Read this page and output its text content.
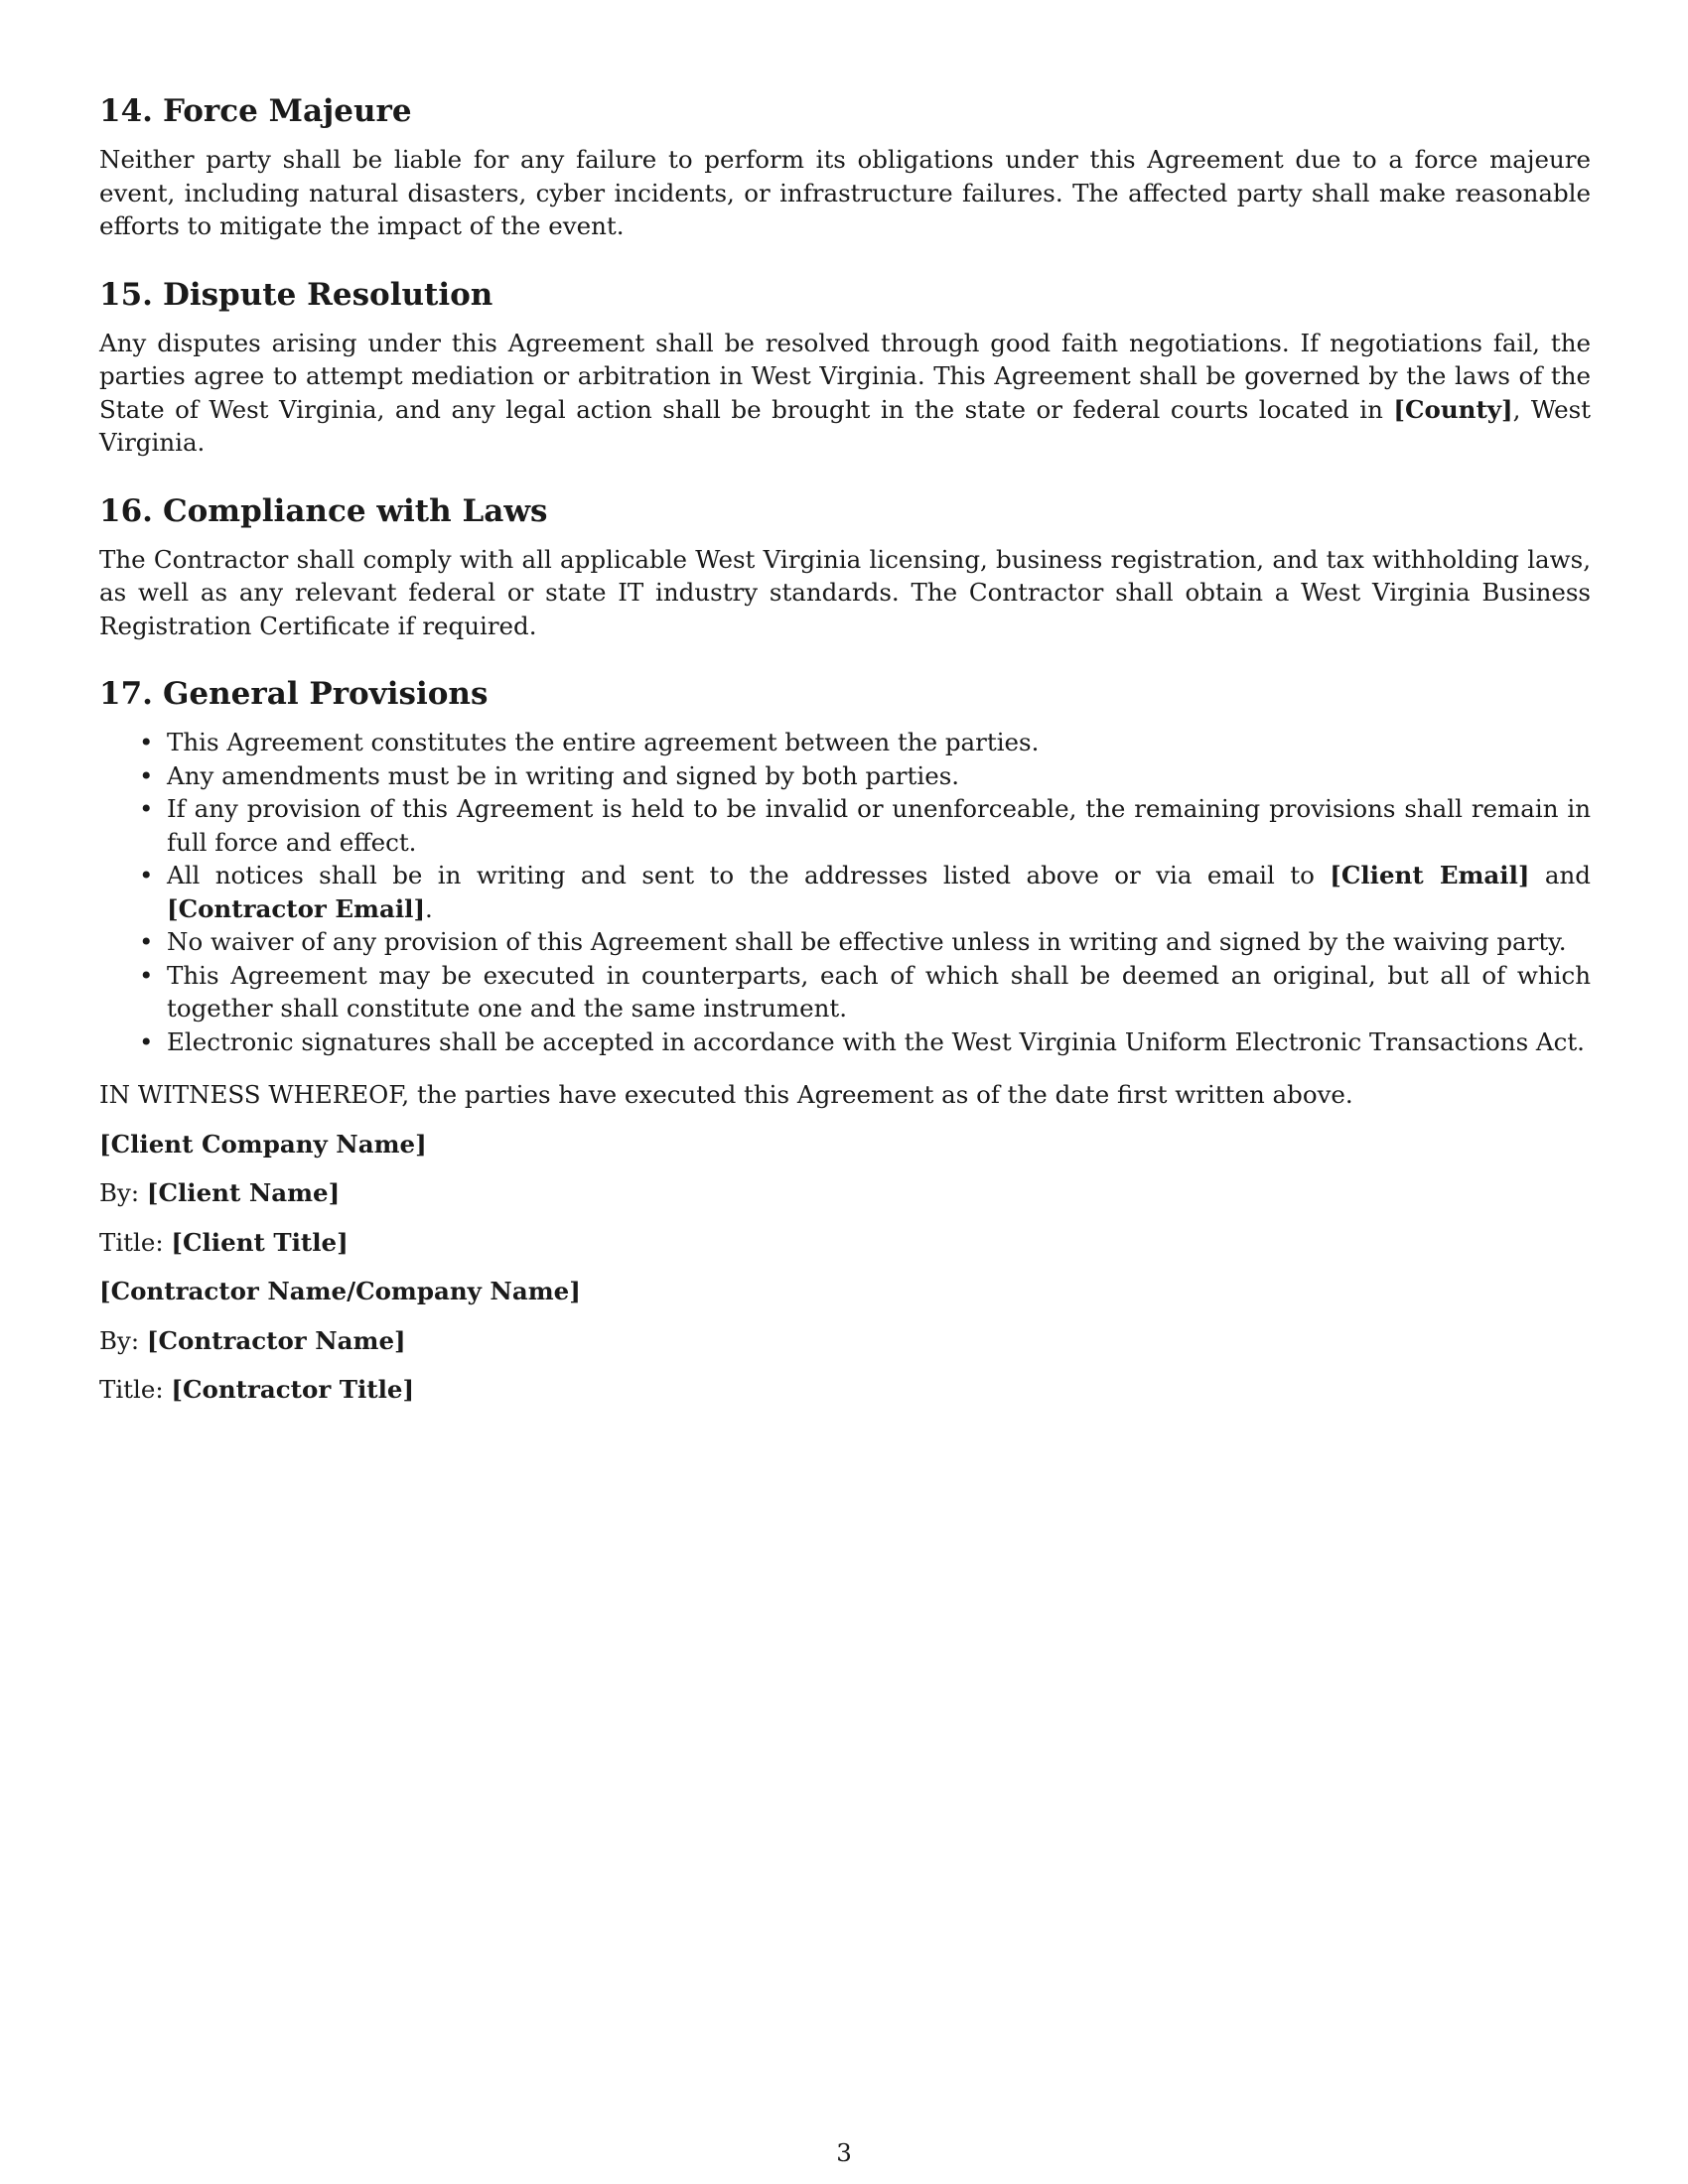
14. Force Majeure

Neither party shall be liable for any failure to perform its obligations under this Agreement due to a force majeure event, including natural disasters, cyber incidents, or infrastructure failures. The affected party shall make reasonable efforts to mitigate the impact of the event.

15. Dispute Resolution

Any disputes arising under this Agreement shall be resolved through good faith negotiations. If negotiations fail, the parties agree to attempt mediation or arbitration in West Virginia. This Agreement shall be governed by the laws of the State of West Virginia, and any legal action shall be brought in the state or federal courts located in [County], West Virginia.

16. Compliance with Laws

The Contractor shall comply with all applicable West Virginia licensing, business registration, and tax withholding laws, as well as any relevant federal or state IT industry standards. The Contractor shall obtain a West Virginia Business Registration Certificate if required.

17. General Provisions
• This Agreement constitutes the entire agreement between the parties.
• Any amendments must be in writing and signed by both parties.
• If any provision of this Agreement is held to be invalid or unenforceable, the remaining provisions shall remain in full force and effect.
• All notices shall be in writing and sent to the addresses listed above or via email to [Client Email] and [Contractor Email].
• No waiver of any provision of this Agreement shall be effective unless in writing and signed by the waiving party.
• This Agreement may be executed in counterparts, each of which shall be deemed an original, but all of which together shall constitute one and the same instrument.
• Electronic signatures shall be accepted in accordance with the West Virginia Uniform Electronic Transactions Act.

IN WITNESS WHEREOF, the parties have executed this Agreement as of the date first written above.

[Client Company Name]

By: [Client Name]

Title: [Client Title]

[Contractor Name/Company Name]

By: [Contractor Name]

Title: [Contractor Title]

3
